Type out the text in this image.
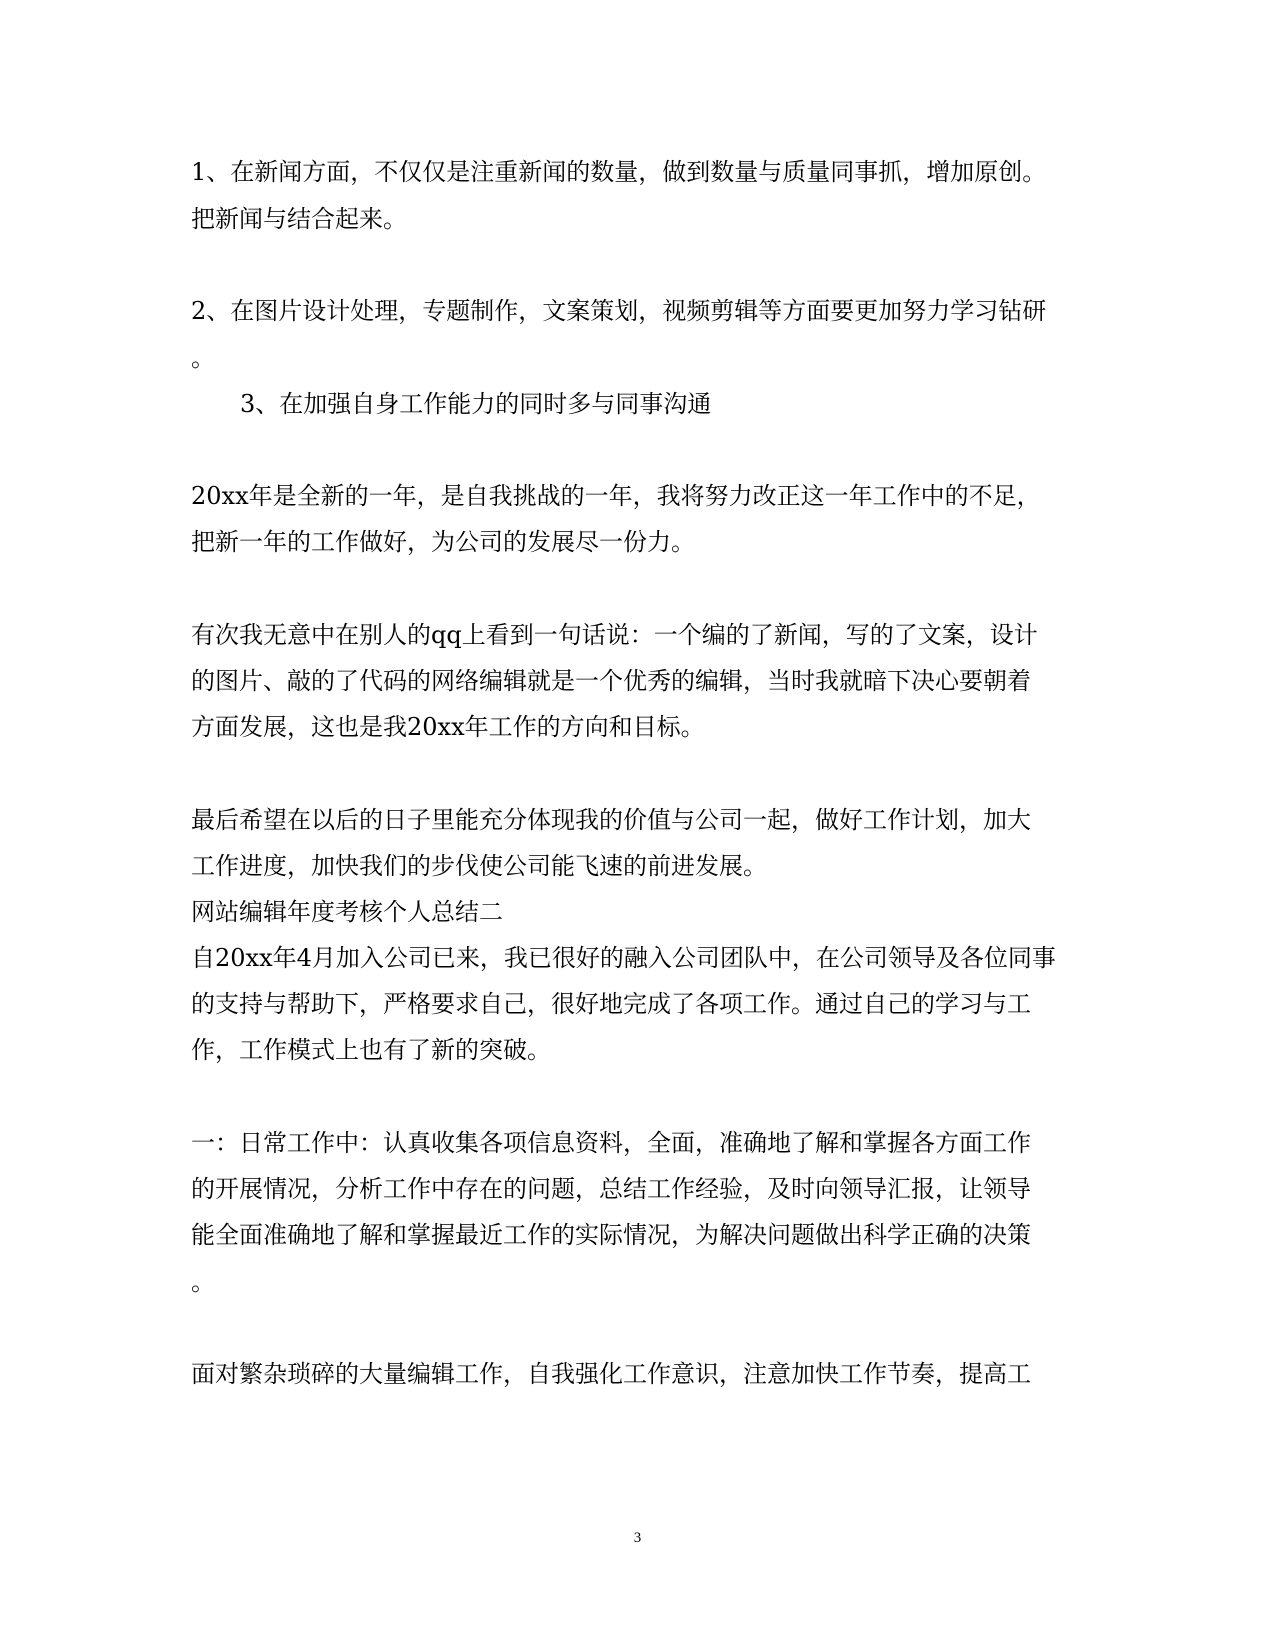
1、在新闻方面，不仅仅是注重新闻的数量，做到数量与质量同事抓，增加原创。
把新闻与结合起来。
2、在图片设计处理，专题制作，文案策划，视频剪辑等方面要更加努力学习钻研
。
3、在加强自身工作能力的同时多与同事沟通
20xx年是全新的一年，是自我挑战的一年，我将努力改正这一年工作中的不足，
把新一年的工作做好，为公司的发展尽一份力。
有次我无意中在别人的qq上看到一句话说：一个编的了新闻，写的了文案，设计
的图片、敲的了代码的网络编辑就是一个优秀的编辑，当时我就暗下决心要朝着
方面发展，这也是我20xx年工作的方向和目标。
最后希望在以后的日子里能充分体现我的价值与公司一起，做好工作计划，加大
工作进度，加快我们的步伐使公司能飞速的前进发展。
网站编辑年度考核个人总结二
自20xx年4月加入公司已来，我已很好的融入公司团队中，在公司领导及各位同事
的支持与帮助下，严格要求自己，很好地完成了各项工作。通过自己的学习与工
作，工作模式上也有了新的突破。
一：日常工作中：认真收集各项信息资料，全面，准确地了解和掌握各方面工作
的开展情况，分析工作中存在的问题，总结工作经验，及时向领导汇报，让领导
能全面准确地了解和掌握最近工作的实际情况，为解决问题做出科学正确的决策
。
面对繁杂琐碎的大量编辑工作，自我强化工作意识，注意加快工作节奏，提高工
3
